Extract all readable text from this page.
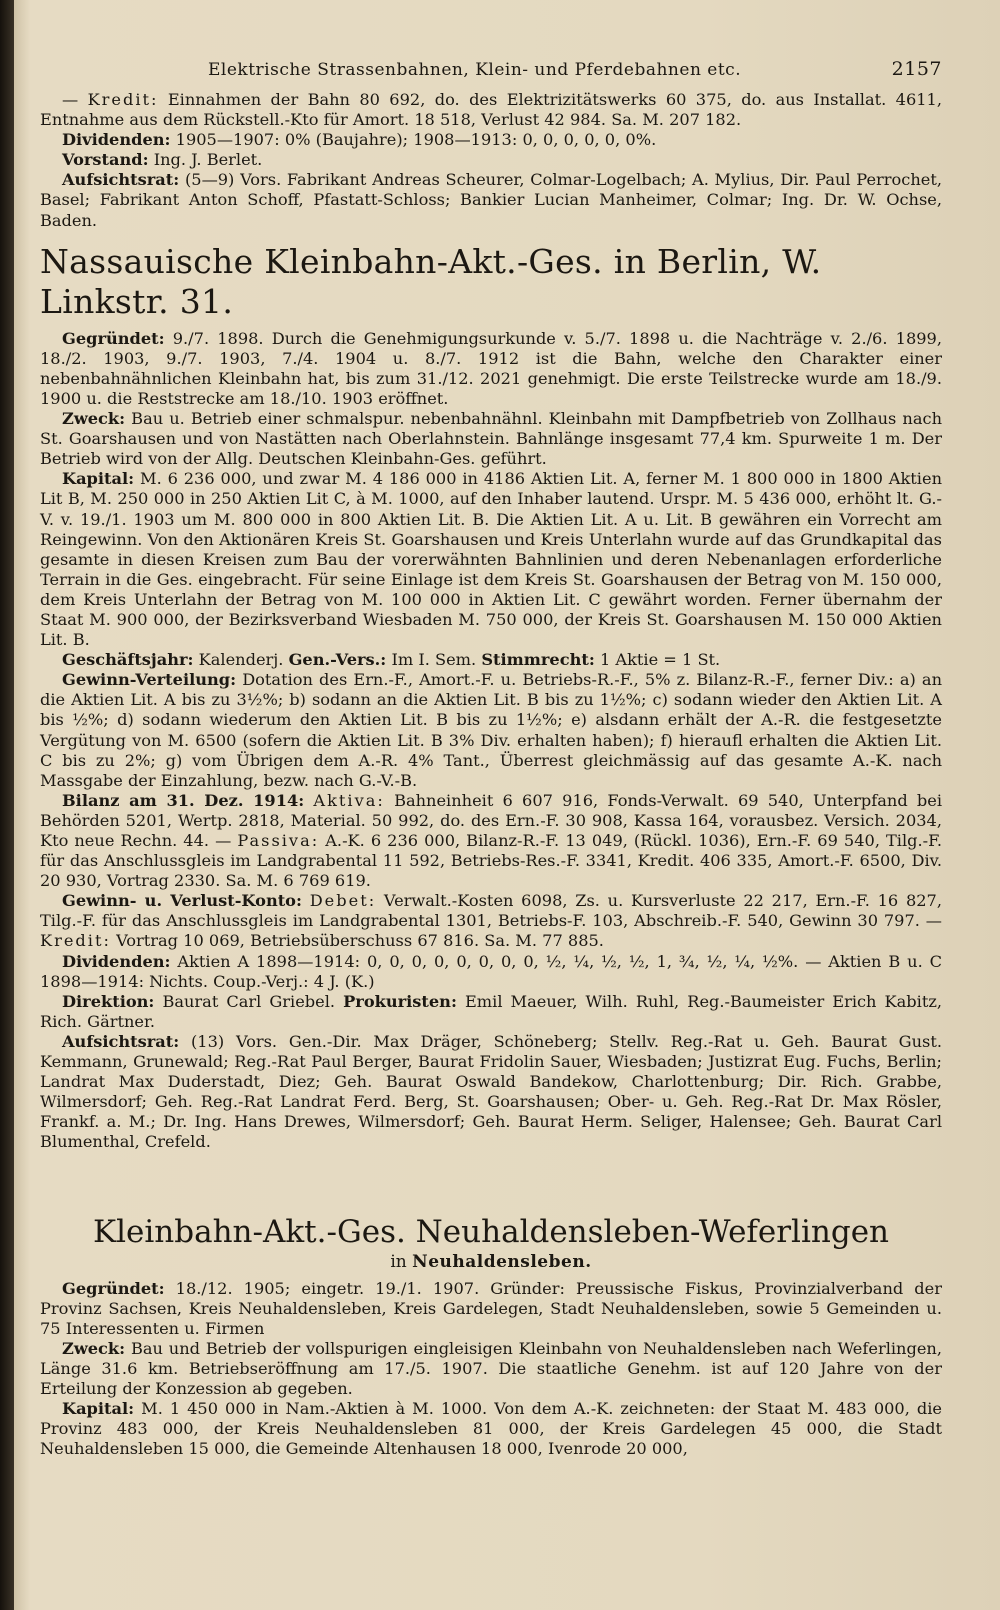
Elektrische Strassenbahnen, Klein- und Pferdebahnen etc.	2157

— Kredit: Einnahmen der Bahn 80 692, do. des Elektrizitätswerks 60 375, do. aus Installat. 4611, Entnahme aus dem Rückstell.-Kto für Amort. 18 518, Verlust 42 984. Sa. M. 207 182.

Dividenden: 1905—1907: 0% (Baujahre); 1908—1913: 0, 0, 0, 0, 0, 0%.

Vorstand: Ing. J. Berlet.

Aufsichtsrat: (5—9) Vors. Fabrikant Andreas Scheurer, Colmar-Logelbach; A. Mylius, Dir. Paul Perrochet, Basel; Fabrikant Anton Schoff, Pfastatt-Schloss; Bankier Lucian Manheimer, Colmar; Ing. Dr. W. Ochse, Baden.

Nassauische Kleinbahn-Akt.-Ges. in Berlin, W. Linkstr. 31.

Gegründet: 9./7. 1898. Durch die Genehmigungsurkunde v. 5./7. 1898 u. die Nachträge v. 2./6. 1899, 18./2. 1903, 9./7. 1903, 7./4. 1904 u. 8./7. 1912 ist die Bahn, welche den Charakter einer nebenbahnähnlichen Kleinbahn hat, bis zum 31./12. 2021 genehmigt. Die erste Teilstrecke wurde am 18./9. 1900 u. die Reststrecke am 18./10. 1903 eröffnet.

Zweck: Bau u. Betrieb einer schmalspur. nebenbahnähnl. Kleinbahn mit Dampfbetrieb von Zollhaus nach St. Goarshausen und von Nastätten nach Oberlahnstein. Bahnlänge insgesamt 77,4 km. Spurweite 1 m. Der Betrieb wird von der Allg. Deutschen Kleinbahn-Ges. geführt.

Kapital: M. 6 236 000, und zwar M. 4 186 000 in 4186 Aktien Lit. A, ferner M. 1 800 000 in 1800 Aktien Lit B, M. 250 000 in 250 Aktien Lit C, à M. 1000, auf den Inhaber lautend. Urspr. M. 5 436 000, erhöht lt. G.-V. v. 19./1. 1903 um M. 800 000 in 800 Aktien Lit. B. Die Aktien Lit. A u. Lit. B gewähren ein Vorrecht am Reingewinn. Von den Aktionären Kreis St. Goarshausen und Kreis Unterlahn wurde auf das Grundkapital das gesamte in diesen Kreisen zum Bau der vorerwähnten Bahnlinien und deren Nebenanlagen erforderliche Terrain in die Ges. eingebracht. Für seine Einlage ist dem Kreis St. Goarshausen der Betrag von M. 150 000, dem Kreis Unterlahn der Betrag von M. 100 000 in Aktien Lit. C gewährt worden. Ferner übernahm der Staat M. 900 000, der Bezirksverband Wiesbaden M. 750 000, der Kreis St. Goarshausen M. 150 000 Aktien Lit. B.

Geschäftsjahr: Kalenderj. Gen.-Vers.: Im I. Sem. Stimmrecht: 1 Aktie = 1 St.

Gewinn-Verteilung: Dotation des Ern.-F., Amort.-F. u. Betriebs-R.-F., 5% z. Bilanz-R.-F., ferner Div.: a) an die Aktien Lit. A bis zu 3½%; b) sodann an die Aktien Lit. B bis zu 1½%; c) sodann wieder den Aktien Lit. A bis ½%; d) sodann wiederum den Aktien Lit. B bis zu 1½%; e) alsdann erhält der A.-R. die festgesetzte Vergütung von M. 6500 (sofern die Aktien Lit. B 3% Div. erhalten haben); f) hieraufl erhalten die Aktien Lit. C bis zu 2%; g) vom Übrigen dem A.-R. 4% Tant., Überrest gleichmässig auf das gesamte A.-K. nach Massgabe der Einzahlung, bezw. nach G.-V.-B.

Bilanz am 31. Dez. 1914: Aktiva: Bahneinheit 6 607 916, Fonds-Verwalt. 69 540, Unterpfand bei Behörden 5201, Wertp. 2818, Material. 50 992, do. des Ern.-F. 30 908, Kassa 164, vorausbez. Versich. 2034, Kto neue Rechn. 44. — Passiva: A.-K. 6 236 000, Bilanz-R.-F. 13 049, (Rückl. 1036), Ern.-F. 69 540, Tilg.-F. für das Anschlussgleis im Landgrabental 11 592, Betriebs-Res.-F. 3341, Kredit. 406 335, Amort.-F. 6500, Div. 20 930, Vortrag 2330. Sa. M. 6 769 619.

Gewinn- u. Verlust-Konto: Debet: Verwalt.-Kosten 6098, Zs. u. Kursverluste 22 217, Ern.-F. 16 827, Tilg.-F. für das Anschlussgleis im Landgrabental 1301, Betriebs-F. 103, Abschreib.-F. 540, Gewinn 30 797. — Kredit: Vortrag 10 069, Betriebsüberschuss 67 816. Sa. M. 77 885.

Dividenden: Aktien A 1898—1914: 0, 0, 0, 0, 0, 0, 0, 0, ½, ¼, ½, ½, 1, ¾, ½, ¼, ½%. — Aktien B u. C 1898—1914: Nichts. Coup.-Verj.: 4 J. (K.)

Direktion: Baurat Carl Griebel. Prokuristen: Emil Maeuer, Wilh. Ruhl, Reg.-Baumeister Erich Kabitz, Rich. Gärtner.

Aufsichtsrat: (13) Vors. Gen.-Dir. Max Dräger, Schöneberg; Stellv. Reg.-Rat u. Geh. Baurat Gust. Kemmann, Grunewald; Reg.-Rat Paul Berger, Baurat Fridolin Sauer, Wiesbaden; Justizrat Eug. Fuchs, Berlin; Landrat Max Duderstadt, Diez; Geh. Baurat Oswald Bandekow, Charlottenburg; Dir. Rich. Grabbe, Wilmersdorf; Geh. Reg.-Rat Landrat Ferd. Berg, St. Goarshausen; Ober- u. Geh. Reg.-Rat Dr. Max Rösler, Frankf. a. M.; Dr. Ing. Hans Drewes, Wilmersdorf; Geh. Baurat Herm. Seliger, Halensee; Geh. Baurat Carl Blumenthal, Crefeld.

Kleinbahn-Akt.-Ges. Neuhaldensleben-Weferlingen
in Neuhaldensleben.

Gegründet: 18./12. 1905; eingetr. 19./1. 1907. Gründer: Preussische Fiskus, Provinzialverband der Provinz Sachsen, Kreis Neuhaldensleben, Kreis Gardelegen, Stadt Neuhaldensleben, sowie 5 Gemeinden u. 75 Interessenten u. Firmen

Zweck: Bau und Betrieb der vollspurigen eingleisigen Kleinbahn von Neuhaldensleben nach Weferlingen, Länge 31.6 km. Betriebseröffnung am 17./5. 1907. Die staatliche Genehm. ist auf 120 Jahre von der Erteilung der Konzession ab gegeben.

Kapital: M. 1 450 000 in Nam.-Aktien à M. 1000. Von dem A.-K. zeichneten: der Staat M. 483 000, die Provinz 483 000, der Kreis Neuhaldensleben 81 000, der Kreis Gardelegen 45 000, die Stadt Neuhaldensleben 15 000, die Gemeinde Altenhausen 18 000, Ivenrode 20 000,
